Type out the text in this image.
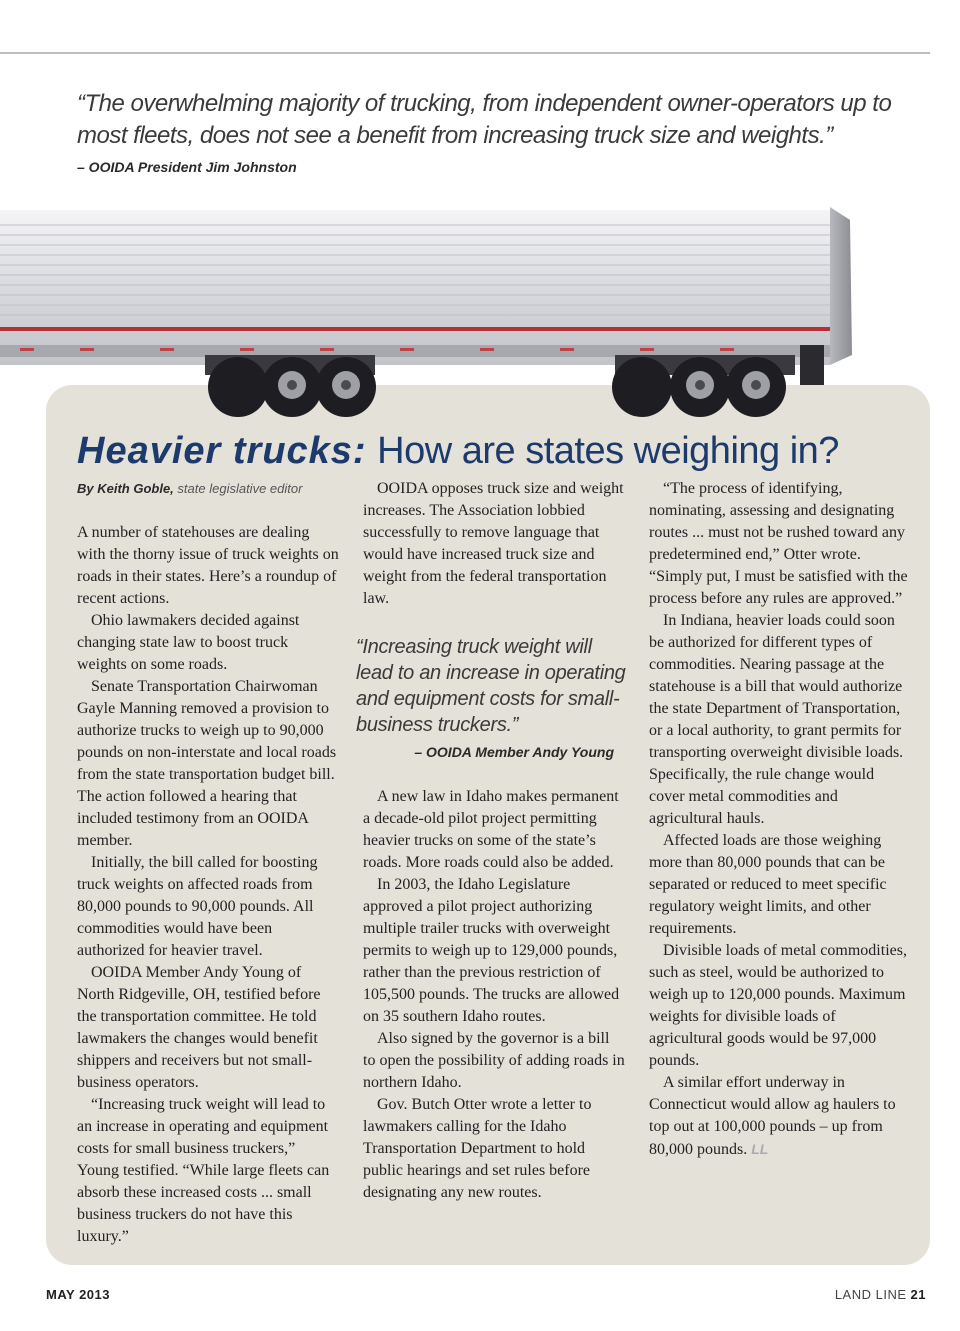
“The overwhelming majority of trucking, from independent owner-operators up to most fleets, does not see a benefit from increasing truck size and weights.”
– OOIDA President Jim Johnston
Heavier trucks: How are states weighing in?
By Keith Goble, state legislative editor

A number of statehouses are dealing with the thorny issue of truck weights on roads in their states. Here’s a roundup of recent actions.

Ohio lawmakers decided against changing state law to boost truck weights on some roads.

Senate Transportation Chairwoman Gayle Manning removed a provision to authorize trucks to weigh up to 90,000 pounds on non-interstate and local roads from the state transportation budget bill. The action followed a hearing that included testimony from an OOIDA member.

Initially, the bill called for boosting truck weights on affected roads from 80,000 pounds to 90,000 pounds. All commodities would have been authorized for heavier travel.

OOIDA Member Andy Young of North Ridgeville, OH, testified before the transportation committee. He told lawmakers the changes would benefit shippers and receivers but not small-business operators.

“Increasing truck weight will lead to an increase in operating and equipment costs for small business truckers,” Young testified. “While large fleets can absorb these increased costs ... small business truckers do not have this luxury.”

OOIDA opposes truck size and weight increases. The Association lobbied successfully to remove language that would have increased truck size and weight from the federal transportation law.

“Increasing truck weight will lead to an increase in operating and equipment costs for small-business truckers.”
– OOIDA Member Andy Young

A new law in Idaho makes permanent a decade-old pilot project permitting heavier trucks on some of the state’s roads. More roads could also be added.

In 2003, the Idaho Legislature approved a pilot project authorizing multiple trailer trucks with overweight permits to weigh up to 129,000 pounds, rather than the previous restriction of 105,500 pounds. The trucks are allowed on 35 southern Idaho routes.

Also signed by the governor is a bill to open the possibility of adding roads in northern Idaho.

Gov. Butch Otter wrote a letter to lawmakers calling for the Idaho Transportation Department to hold public hearings and set rules before designating any new routes.

“The process of identifying, nominating, assessing and designating routes ... must not be rushed toward any predetermined end,” Otter wrote. “Simply put, I must be satisfied with the process before any rules are approved.”

In Indiana, heavier loads could soon be authorized for different types of commodities. Nearing passage at the statehouse is a bill that would authorize the state Department of Transportation, or a local authority, to grant permits for transporting overweight divisible loads. Specifically, the rule change would cover metal commodities and agricultural hauls.

Affected loads are those weighing more than 80,000 pounds that can be separated or reduced to meet specific regulatory weight limits, and other requirements.

Divisible loads of metal commodities, such as steel, would be authorized to weigh up to 120,000 pounds. Maximum weights for divisible loads of agricultural goods would be 97,000 pounds.

A similar effort underway in Connecticut would allow ag haulers to top out at 100,000 pounds – up from 80,000 pounds. LL

MAY 2013	LAND LINE 21
